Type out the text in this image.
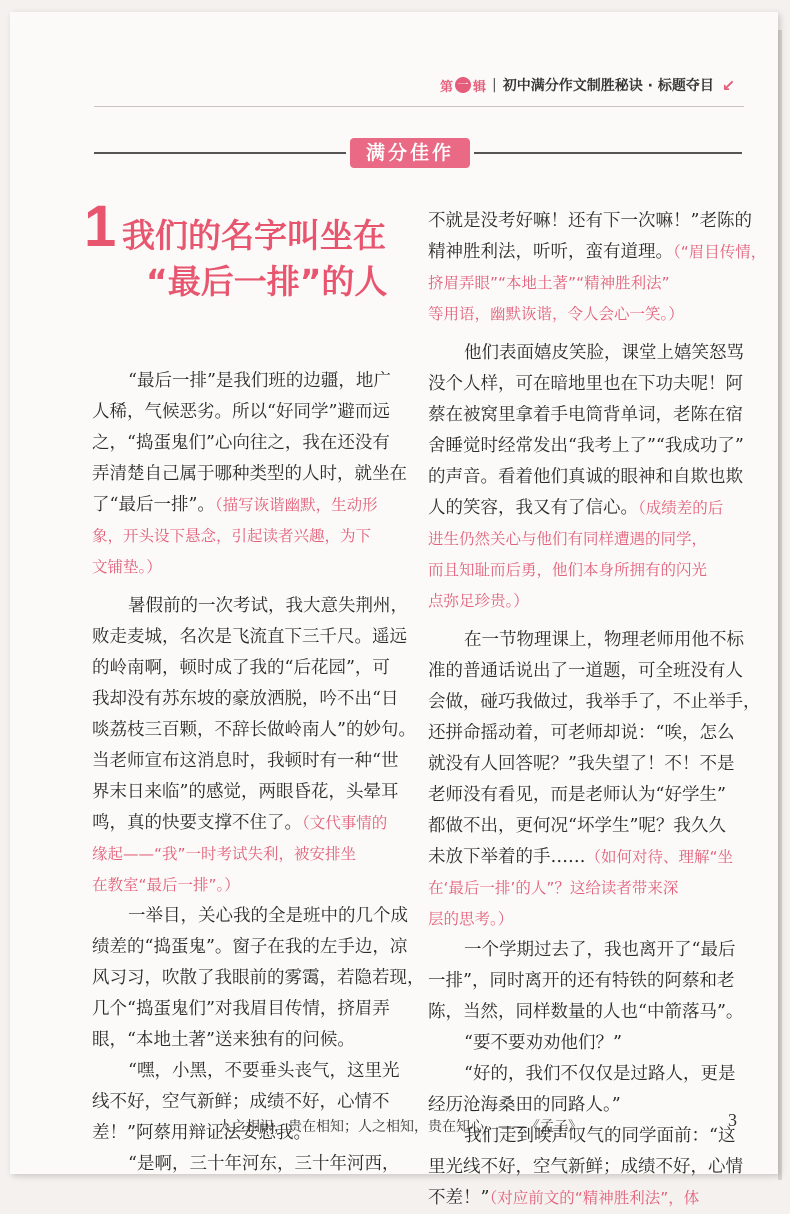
第 一 辑 | 初中满分作文制胜秘诀 · 标题夺目 ↙
满分佳作
1 我们的名字叫坐在
“最后一排”的人
“最后一排”是我们班的边疆，地广
人稀，气候恶劣。所以“好同学”避而远
之，“捣蛋鬼们”心向往之，我在还没有
弄清楚自己属于哪种类型的人时，就坐在
了“最后一排”。（描写诙谐幽默，生动形
象，开头设下悬念，引起读者兴趣，为下
文铺垫。）
暑假前的一次考试，我大意失荆州，
败走麦城，名次是飞流直下三千尺。遥远
的岭南啊，顿时成了我的“后花园”，可
我却没有苏东坡的豪放洒脱，吟不出“日
啖荔枝三百颗，不辞长做岭南人”的妙句。
当老师宣布这消息时，我顿时有一种“世
界末日来临”的感觉，两眼昏花，头晕耳
鸣，真的快要支撑不住了。（文代事情的
缘起——“我”一时考试失利，被安排坐
在教室“最后一排”。）
一举目，关心我的全是班中的几个成
绩差的“捣蛋鬼”。窗子在我的左手边，凉
风习习，吹散了我眼前的雾霭，若隐若现，
几个“捣蛋鬼们”对我眉目传情，挤眉弄
眼，“本地土著”送来独有的问候。
“嘿，小黑，不要垂头丧气，这里光
线不好，空气新鲜；成绩不好，心情不
差！”阿蔡用辩证法安慰我。
“是啊，三十年河东，三十年河西，
不就是没考好嘛！还有下一次嘛！”老陈的
精神胜利法，听听，蛮有道理。（“眉目传情，
挤眉弄眼”“本地土著”“精神胜利法”
等用语，幽默诙谐，令人会心一笑。）
他们表面嬉皮笑脸，课堂上嬉笑怒骂
没个人样，可在暗地里也在下功夫呢！阿
蔡在被窝里拿着手电筒背单词，老陈在宿
舍睡觉时经常发出“我考上了”“我成功了”
的声音。看着他们真诚的眼神和自欺也欺
人的笑容，我又有了信心。（成绩差的后
进生仍然关心与他们有同样遭遇的同学，
而且知耻而后勇，他们本身所拥有的闪光
点弥足珍贵。）
在一节物理课上，物理老师用他不标
准的普通话说出了一道题，可全班没有人
会做，碰巧我做过，我举手了，不止举手，
还拼命摇动着，可老师却说：“唉，怎么
就没有人回答呢？”我失望了！不！不是
老师没有看见，而是老师认为“好学生”
都做不出，更何况“坏学生”呢？我久久
未放下举着的手……（如何对待、理解“坐
在‘最后一排’的人”？这给读者带来深
层的思考。）
一个学期过去了，我也离开了“最后
一排”，同时离开的还有特铁的阿蔡和老
陈，当然，同样数量的人也“中箭落马”。
“要不要劝劝他们？”
“好的，我们不仅仅是过路人，更是
经历沧海桑田的同路人。”
我们走到唉声叹气的同学面前：“这
里光线不好，空气新鲜；成绩不好，心情
不差！”（对应前文的“精神胜利法”，体
人之相识，贵在相知；人之相知，贵在知心。——《孟子》	3
